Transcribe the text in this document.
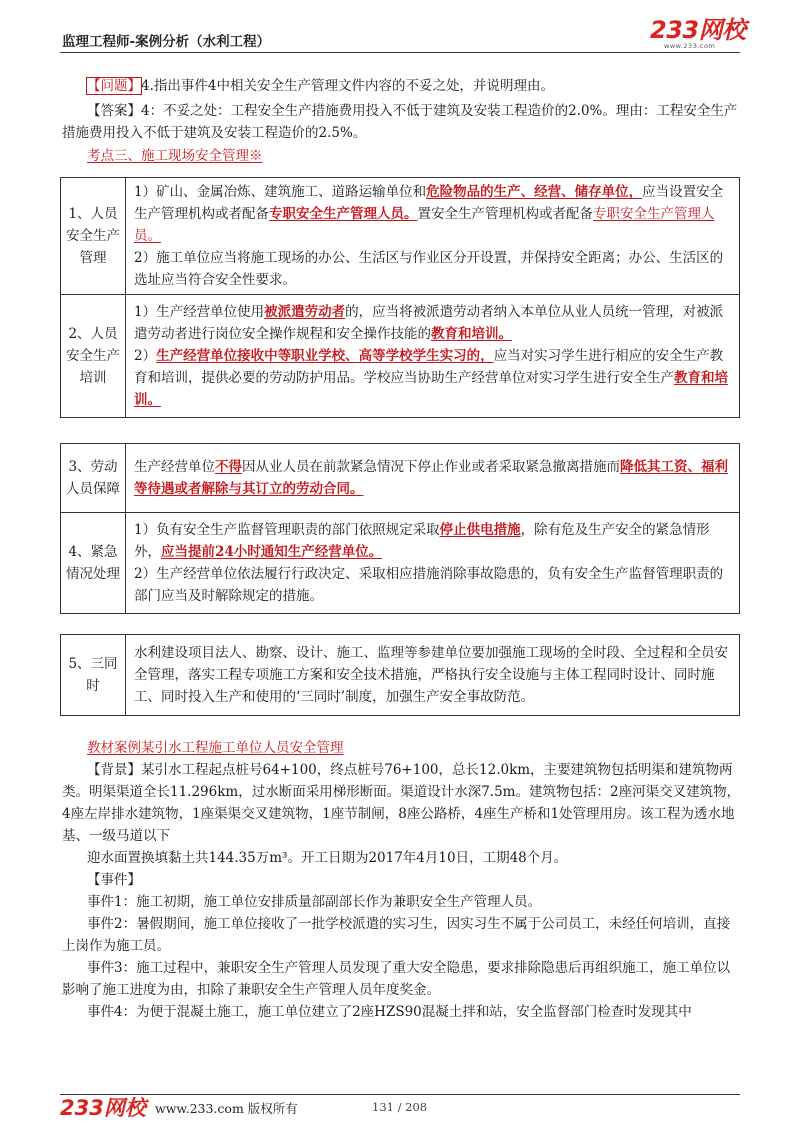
监理工程师-案例分析（水利工程）	233网校
www.233.com
【问题】4.指出事件4中相关安全生产管理文件内容的不妥之处，并说明理由。
【答案】4：不妥之处：工程安全生产措施费用投入不低于建筑及安装工程造价的2.0%。理由：工程安全生产措施费用投入不低于建筑及安装工程造价的2.5%。
考点三、施工现场安全管理※
1、人员安全生产管理	1）矿山、金属冶炼、建筑施工、道路运输单位和危险物品的生产、经营、储存单位，应当设置安全生产管理机构或者配备专职安全生产管理人员。置安全生产管理机构或者配备专职安全生产管理人员。
2）施工单位应当将施工现场的办公、生活区与作业区分开设置，并保持安全距离；办公、生活区的选址应当符合安全性要求。

2、人员安全生产培训	1）生产经营单位使用被派遣劳动者的，应当将被派遣劳动者纳入本单位从业人员统一管理，对被派遣劳动者进行岗位安全操作规程和安全操作技能的教育和培训。
2）生产经营单位接收中等职业学校、高等学校学生实习的，应当对实习学生进行相应的安全生产教育和培训，提供必要的劳动防护用品。学校应当协助生产经营单位对实习学生进行安全生产教育和培训。
3、劳动人员保障	生产经营单位不得因从业人员在前款紧急情况下停止作业或者采取紧急撤离措施而降低其工资、福利等待遇或者解除与其订立的劳动合同。
4、紧急情况处理	1）负有安全生产监督管理职责的部门依照规定采取停止供电措施，除有危及生产安全的紧急情形外，应当提前24小时通知生产经营单位。
2）生产经营单位依法履行行政决定、采取相应措施消除事故隐患的，负有安全生产监督管理职责的部门应当及时解除规定的措施。
5、三同时	水利建设项目法人、勘察、设计、施工、监理等参建单位要加强施工现场的全时段、全过程和全员安全管理，落实工程专项施工方案和安全技术措施，严格执行安全设施与主体工程同时设计、同时施工、同时投入生产和使用的‘三同时’制度，加强生产安全事故防范。
教材案例某引水工程施工单位人员安全管理
【背景】某引水工程起点桩号64+100，终点桩号76+100，总长12.0km，主要建筑物包括明渠和建筑物两类。明渠渠道全长11.296km，过水断面采用梯形断面。渠道设计水深7.5m。建筑物包括：2座河渠交叉建筑物，4座左岸排水建筑物，1座渠渠交叉建筑物，1座节制闸，8座公路桥，4座生产桥和1处管理用房。该工程为透水地基、一级马道以下
迎水面置换填黏土共144.35万m³。开工日期为2017年4月10日，工期48个月。
【事件】
事件1：施工初期，施工单位安排质量部副部长作为兼职安全生产管理人员。
事件2：暑假期间，施工单位接收了一批学校派遣的实习生，因实习生不属于公司员工，未经任何培训，直接上岗作为施工员。
事件3：施工过程中，兼职安全生产管理人员发现了重大安全隐患，要求排除隐患后再组织施工，施工单位以影响了施工进度为由，扣除了兼职安全生产管理人员年度奖金。
事件4：为便于混凝土施工，施工单位建立了2座HZS90混凝土拌和站，安全监督部门检查时发现其中
233网校 www.233.com 版权所有	131 / 208
